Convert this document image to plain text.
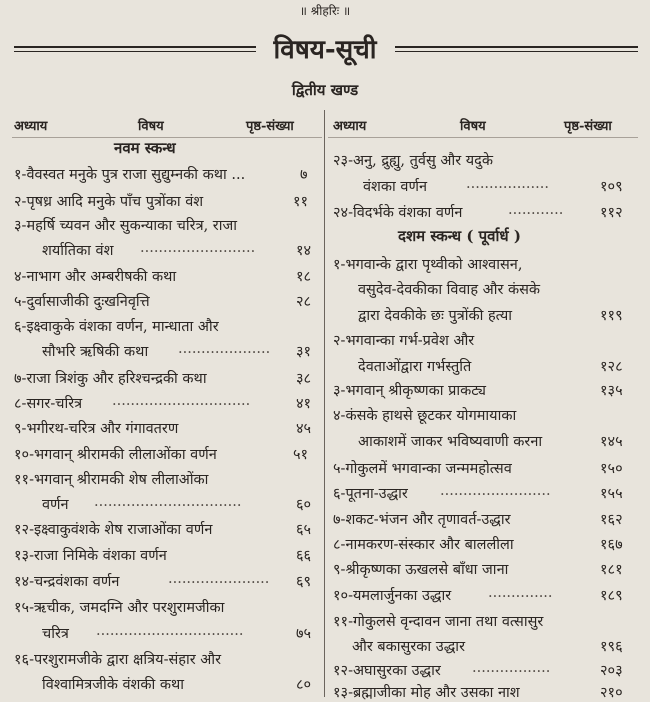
॥ श्रीहरिः ॥
विषय-सूची
द्वितीय खण्ड
अध्याय	विषय	पृष्ठ-संख्या	अध्याय	विषय	पृष्ठ-संख्या
नवम स्कन्ध
१-वैवस्वत मनुके पुत्र राजा सुद्युम्नकी कथा ...	७
२-पृषध्र आदि मनुके पाँच पुत्रोंका वंश	११
३-महर्षि च्यवन और सुकन्याका चरित्र, राजा
शर्यातिका वंश .........................	१४
४-नाभाग और अम्बरीषकी कथा	१८
५-दुर्वासाजीकी दुःखनिवृत्ति	२८
६-इक्ष्वाकुके वंशका वर्णन, मान्धाता और
सौभरि ऋषिकी कथा .................... ३१
७-राजा त्रिशंकु और हरिश्चन्द्रकी कथा	३८
८-सगर-चरित्र ..............................	४१
९-भगीरथ-चरित्र और गंगावतरण	४५
१०-भगवान् श्रीरामकी लीलाओंका वर्णन	५१
११-भगवान् श्रीरामकी शेष लीलाओंका
वर्णन ................................	६०
१२-इक्ष्वाकुवंशके शेष राजाओंका वर्णन	६५
१३-राजा निमिके वंशका वर्णन	६६
१४-चन्द्रवंशका वर्णन	...................... ६९
१५-ऋचीक, जमदग्नि और परशुरामजीका
चरित्र ................................	७५
१६-परशुरामजीके द्वारा क्षत्रिय-संहार और
विश्वामित्रजीके वंशकी कथा	८०
२३-अनु, द्रुह्यु, तुर्वसु और यदुके
वंशका वर्णन	..................	१०९
२४-विदर्भके वंशका वर्णन	............	११२
दशम स्कन्ध ( पूर्वार्ध )
१-भगवान्के द्वारा पृथ्वीको आश्वासन,
वसुदेव-देवकीका विवाह और कंसके
द्वारा देवकीके छः पुत्रोंकी हत्या	११९
२-भगवान्का गर्भ-प्रवेश और
देवताओंद्वारा गर्भस्तुति	१२८
३-भगवान् श्रीकृष्णका प्राकट्य	१३५
४-कंसके हाथसे छूटकर योगमायाका
आकाशमें जाकर भविष्यवाणी करना	१४५
५-गोकुलमें भगवान्का जन्ममहोत्सव	१५०
६-पूतना-उद्धार ........................	१५५
७-शकट-भंजन और तृणावर्त-उद्धार	१६२
८-नामकरण-संस्कार और बाललीला	१६७
९-श्रीकृष्णका ऊखलसे बाँधा जाना	१८१
१०-यमलार्जुनका उद्धार	..............	१८९
११-गोकुलसे वृन्दावन जाना तथा वत्सासुर
और बकासुरका उद्धार	१९६
१२-अघासुरका उद्धार .................	२०३
१३-ब्रह्माजीका मोह और उसका नाश	२१०
